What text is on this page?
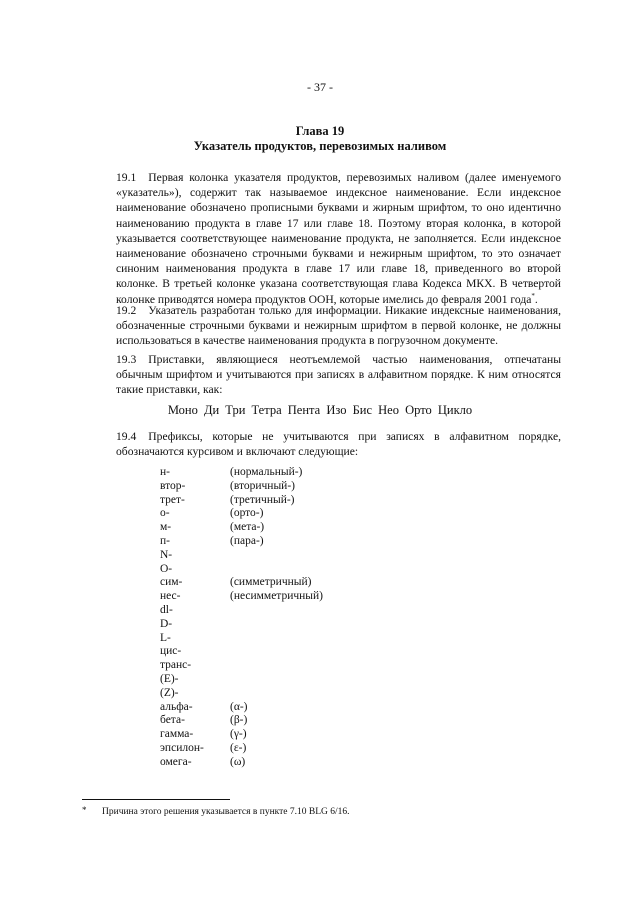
- 37 -
Глава 19
Указатель продуктов, перевозимых наливом

19.1 Первая колонка указателя продуктов, перевозимых наливом (далее именуемого «указатель»), содержит так называемое индексное наименование. Если индексное наименование обозначено прописными буквами и жирным шрифтом, то оно идентично наименованию продукта в главе 17 или главе 18. Поэтому вторая колонка, в которой указывается соответствующее наименование продукта, не заполняется. Если индексное наименование обозначено строчными буквами и нежирным шрифтом, то это означает синоним наименования продукта в главе 17 или главе 18, приведенного во второй колонке. В третьей колонке указана соответствующая глава Кодекса МКХ. В четвертой колонке приводятся номера продуктов ООН, которые имелись до февраля 2001 года*.

19.2 Указатель разработан только для информации. Никакие индексные наименования, обозначенные строчными буквами и нежирным шрифтом в первой колонке, не должны использоваться в качестве наименования продукта в погрузочном документе.

19.3 Приставки, являющиеся неотъемлемой частью наименования, отпечатаны обычным шрифтом и учитываются при записях в алфавитном порядке. К ним относятся такие приставки, как:

Моно Ди Три Тетра Пента Изо Бис Нео Орто Цикло

19.4 Префиксы, которые не учитываются при записях в алфавитном порядке, обозначаются курсивом и включают следующие:

н-	(нормальный-)
втор-	(вторичный-)
трет-	(третичный-)
о-	(орто-)
м-	(мета-)
п-	(пара-)
N-
О-
сим-	(симметричный)
нес-	(несимметричный)
dl-
D-
L-
цис-
транс-
(E)-
(Z)-
альфа-	(α-)
бета-	(β-)
гамма-	(γ-)
эпсилон- (ε-)
омега-	(ω)
* Причина этого решения указывается в пункте 7.10 BLG 6/16.
